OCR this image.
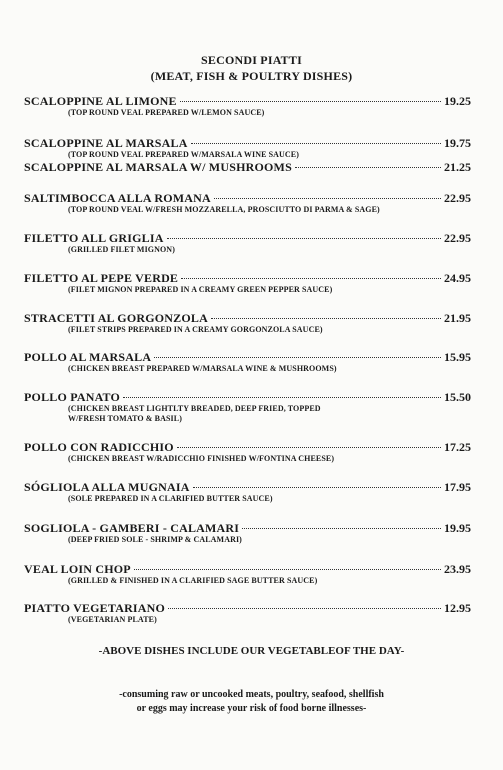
SECONDI PIATTI
(MEAT, FISH & POULTRY DISHES)
SCALOPPINE AL LIMONE	19.25
(TOP ROUND VEAL PREPARED W/LEMON SAUCE)
SCALOPPINE AL MARSALA	19.75
(TOP ROUND VEAL PREPARED W/MARSALA WINE SAUCE)
SCALOPPINE AL MARSALA W/ MUSHROOMS	21.25
SALTIMBOCCA ALLA ROMANA	22.95
(TOP ROUND VEAL W/FRESH MOZZARELLA, PROSCIUTTO DI PARMA & SAGE)
FILETTO ALL GRIGLIA	22.95
(GRILLED FILET MIGNON)
FILETTO AL PEPE VERDE	24.95
(FILET MIGNON PREPARED IN A CREAMY GREEN PEPPER SAUCE)
STRACETTI AL GORGONZOLA	21.95
(FILET STRIPS PREPARED IN A CREAMY GORGONZOLA SAUCE)
POLLO AL MARSALA	15.95
(CHICKEN BREAST PREPARED W/MARSALA WINE & MUSHROOMS)
POLLO PANATO	15.50
(CHICKEN BREAST LIGHTLTY BREADED, DEEP FRIED, TOPPED W/FRESH TOMATO & BASIL)
POLLO CON RADICCHIO	17.25
(CHICKEN BREAST W/RADICCHIO FINISHED W/FONTINA CHEESE)
SÓGLIOLA ALLA MUGNAIA	17.95
(SOLE PREPARED IN A CLARIFIED BUTTER SAUCE)
SOGLIOLA - GAMBERI - CALAMARI	19.95
(DEEP FRIED SOLE - SHRIMP & CALAMARI)
VEAL LOIN CHOP	23.95
(GRILLED & FINISHED IN A CLARIFIED SAGE BUTTER SAUCE)
PIATTO VEGETARIANO	12.95
(VEGETARIAN PLATE)
-ABOVE DISHES INCLUDE OUR VEGETABLEOF THE DAY-
-consuming raw or uncooked meats, poultry, seafood, shellfish
or eggs may increase your risk of food borne illnesses-
